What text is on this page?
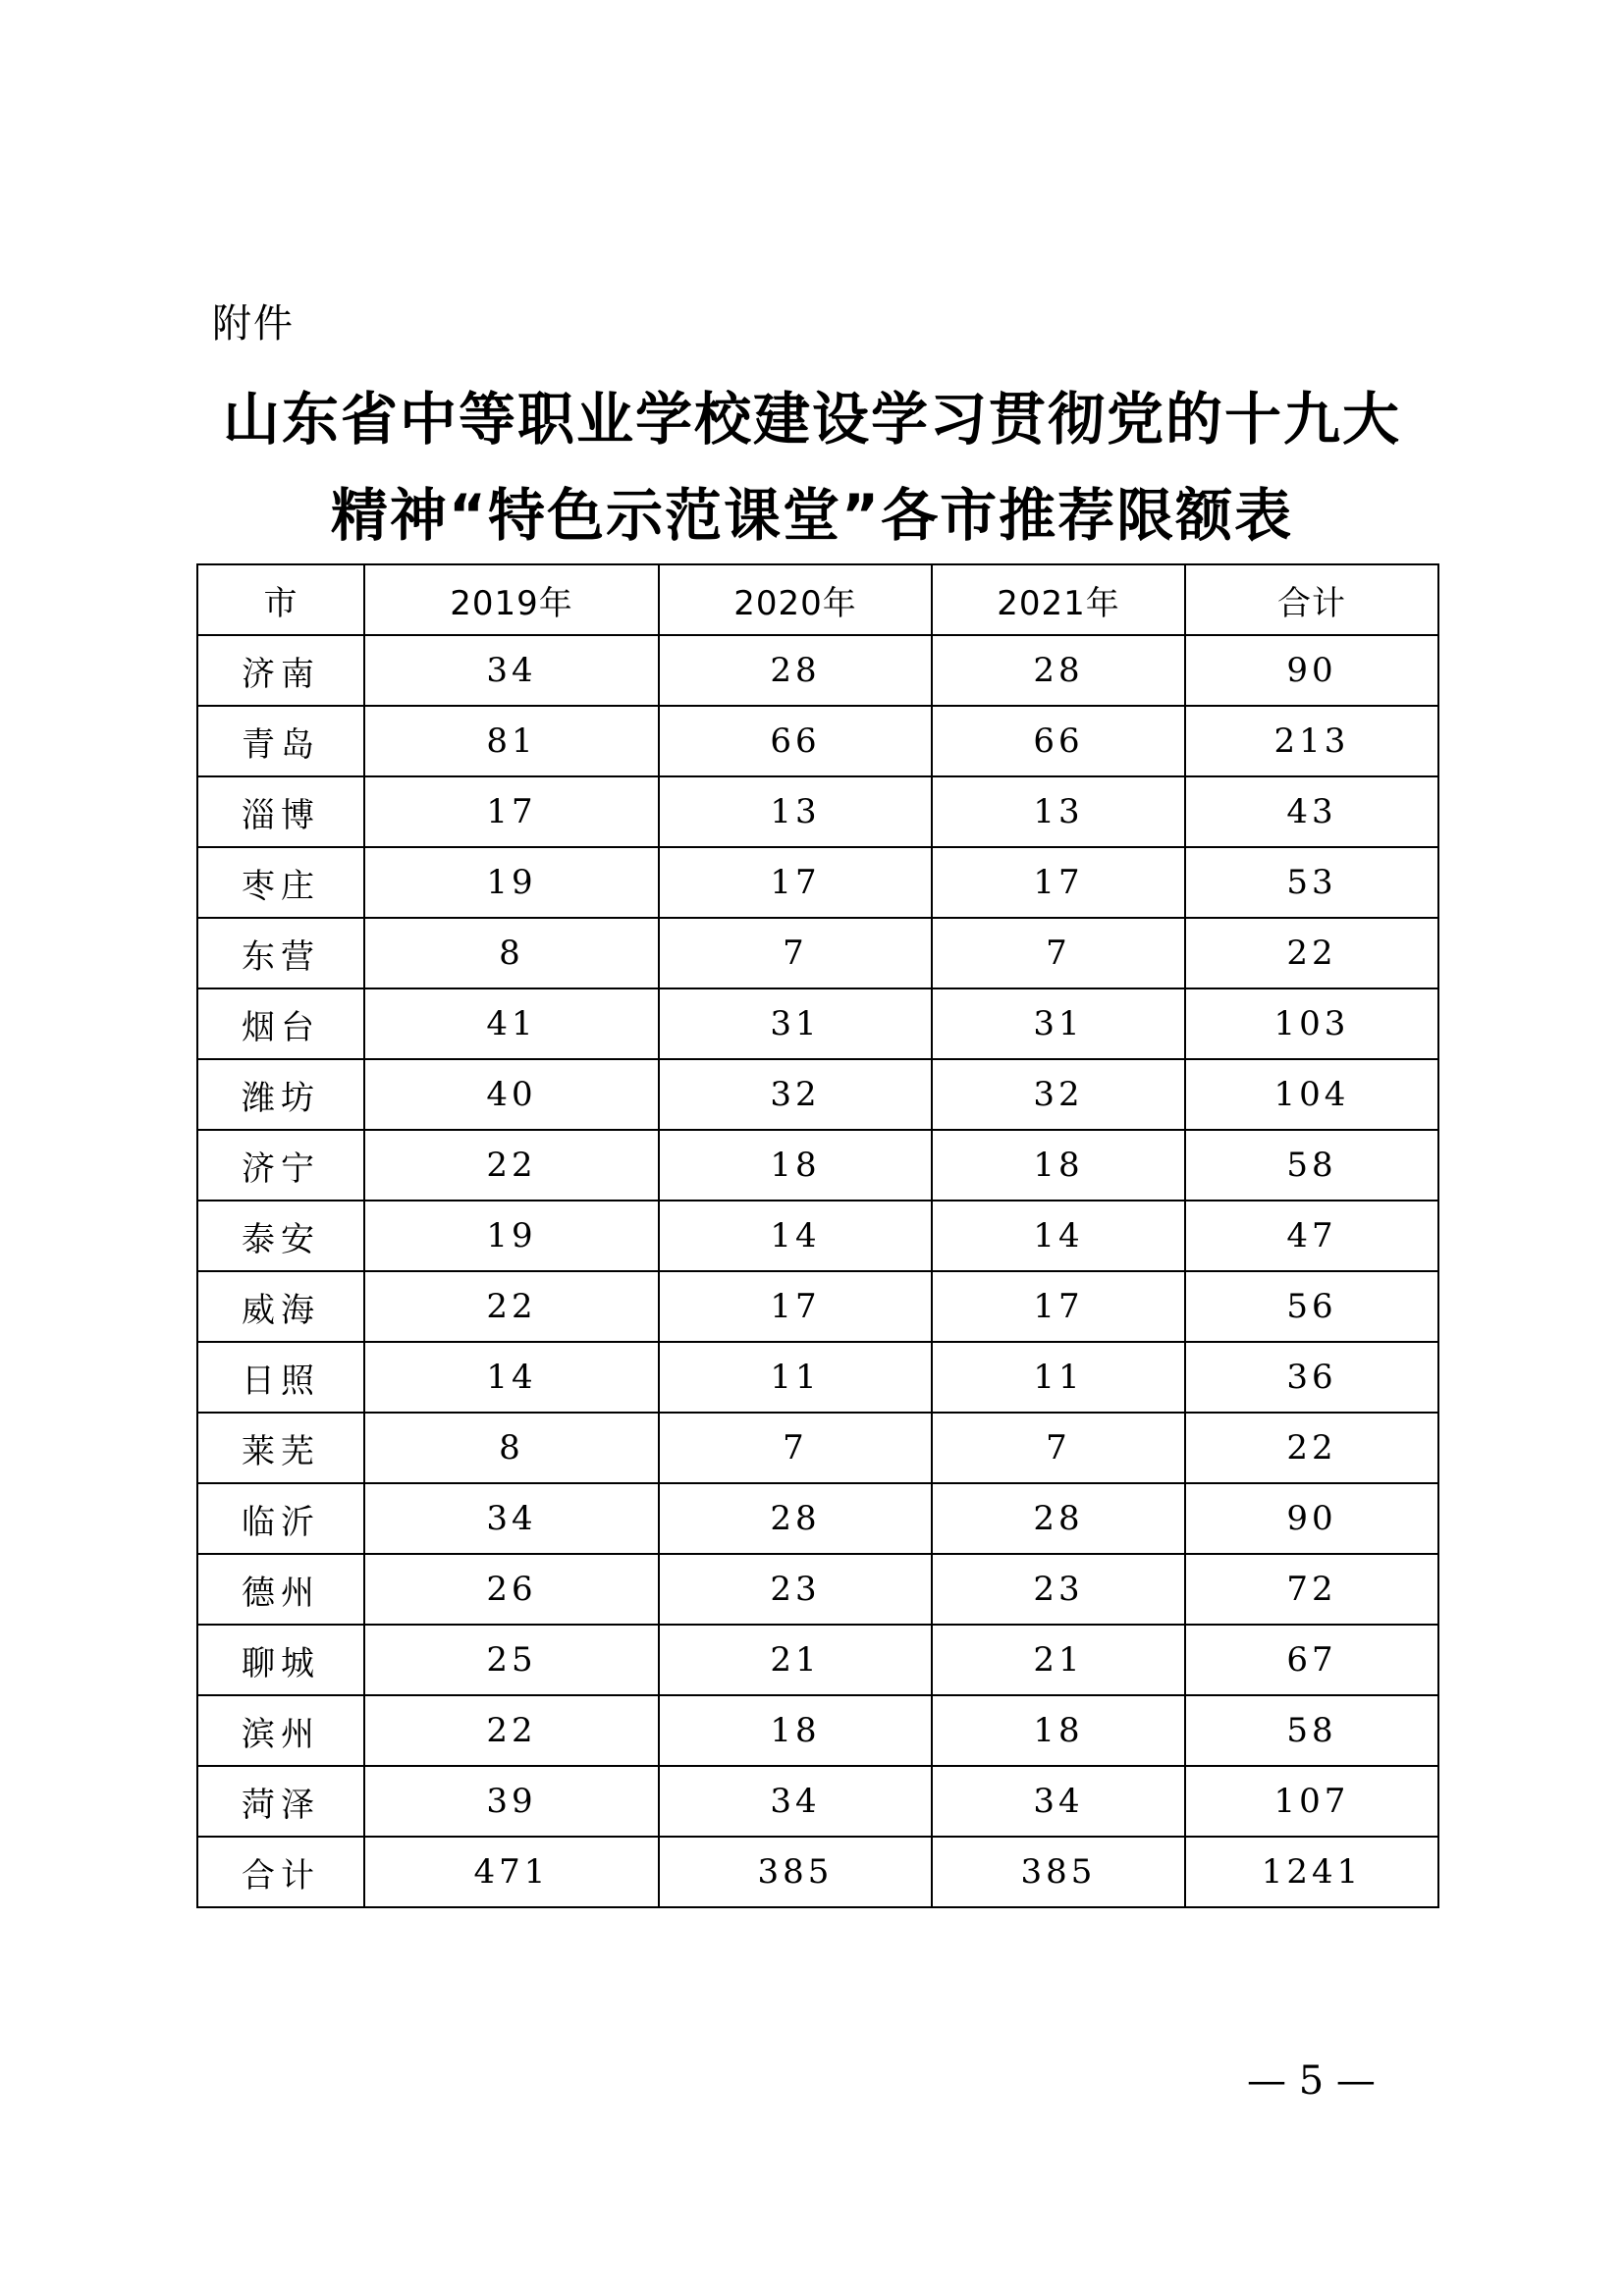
附件
山东省中等职业学校建设学习贯彻党的十九大
精神“特色示范课堂”各市推荐限额表
市	2019年	2020年	2021年	合计
济南	34	28	28	90
青岛	81	66	66	213
淄博	17	13	13	43
枣庄	19	17	17	53
东营	8	7	7	22
烟台	41	31	31	103
潍坊	40	32	32	104
济宁	22	18	18	58
泰安	19	14	14	47
威海	22	17	17	56
日照	14	11	11	36
莱芜	8	7	7	22
临沂	34	28	28	90
德州	26	23	23	72
聊城	25	21	21	67
滨州	22	18	18	58
菏泽	39	34	34	107
合计	471	385	385	1241
— 5 —
